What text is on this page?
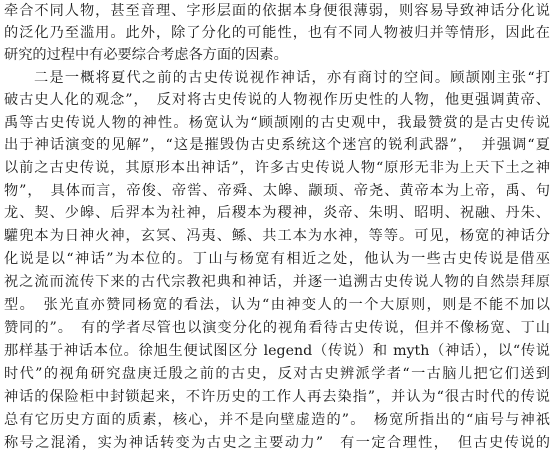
牵合不同人物，甚至音理、字形层面的依据本身便很薄弱，则容易导致神话分化说
的泛化乃至滥用。此外，除了分化的可能性，也有不同人物被归并等情形，因此在
研究的过程中有必要综合考虑各方面的因素。
二是一概将夏代之前的古史传说视作神话，亦有商讨的空间。顾颉刚主张“打
破古史人化的观念”，　反对将古史传说的人物视作历史性的人物，他更强调黄帝、
禹等古史传说人物的神性。杨宽认为“顾颉刚的古史观中，我最赞赏的是古史传说
出于神话演变的见解”，“这是摧毁伪古史系统这个迷宫的锐利武器”，　并强调“夏
以前之古史传说，其原形本出神话”，许多古史传说人物“原形无非为上天下土之神
物”，　具体而言，帝俊、帝喾、帝舜、太皞、颛顼、帝尧、黄帝本为上帝，禹、句
龙、契、少皞、后羿本为社神，后稷本为稷神，炎帝、朱明、昭明、祝融、丹朱、
驩兜本为日神火神，玄冥、冯夷、鲧、共工本为水神，等等。可见，杨宽的神话分
化说是以“神话”为本位的。丁山与杨宽有相近之处，他认为一些古史传说是借巫
祝之流而流传下来的古代宗教祀典和神话，并逐一追溯古史传说人物的自然崇拜原
型。　张光直亦赞同杨宽的看法，认为“由神变人的一个大原则，则是不能不加以
赞同的”。　有的学者尽管也以演变分化的视角看待古史传说，但并不像杨宽、丁山
那样基于神话本位。徐旭生便试图区分 legend（传说）和 myth（神话），以“传说
时代”的视角研究盘庚迁殷之前的古史，反对古史辨派学者“一古脑儿把它们送到
神话的保险柜中封锁起来，不许历史的工作人再去染指”，并认为“很古时代的传说
总有它历史方面的质素，核心，并不是向壁虚造的”。　杨宽所指出的“庙号与神祇
称号之混淆，实为神话转变为古史之主要动力”　有一定合理性，　但古史传说的
